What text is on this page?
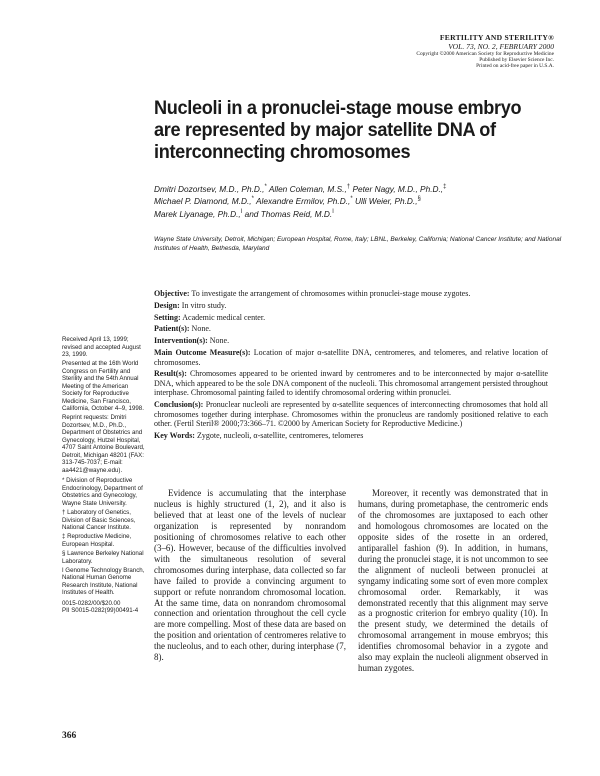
FERTILITY AND STERILITY®
VOL. 73, NO. 2, FEBRUARY 2000
Copyright ©2000 American Society for Reproductive Medicine
Published by Elsevier Science Inc.
Printed on acid-free paper in U.S.A.
Nucleoli in a pronuclei-stage mouse embryo are represented by major satellite DNA of interconnecting chromosomes
Dmitri Dozortsev, M.D., Ph.D.,* Allen Coleman, M.S.,† Peter Nagy, M.D., Ph.D.,‡
Michael P. Diamond, M.D.,* Alexandre Ermilov, Ph.D.,* Ulli Weier, Ph.D.,§
Marek Liyanage, Ph.D.,$^ǀ$ and Thomas Reid, M.D.$^ǀ$
Wayne State University, Detroit, Michigan; European Hospital, Rome, Italy; LBNL, Berkeley, California; National Cancer Institute; and National Institutes of Health, Bethesda, Maryland

Objective: To investigate the arrangement of chromosomes within pronuclei-stage mouse zygotes.

Design: In vitro study.

Setting: Academic medical center.

Patient(s): None.

Intervention(s): None.

Main Outcome Measure(s): Location of major α-satellite DNA, centromeres, and telomeres, and relative location of chromosomes.

Result(s): Chromosomes appeared to be oriented inward by centromeres and to be interconnected by major α-satellite DNA, which appeared to be the sole DNA component of the nucleoli. This chromosomal arrangement persisted throughout interphase. Chromosomal painting failed to identify chromosomal ordering within pronuclei.

Conclusion(s): Pronuclear nucleoli are represented by α-satellite sequences of interconnecting chromosomes that hold all chromosomes together during interphase. Chromosomes within the pronucleus are randomly positioned relative to each other. (Fertil Steril® 2000;73:366–71. ©2000 by American Society for Reproductive Medicine.)

Key Words: Zygote, nucleoli, α-satellite, centromeres, telomeres

Received April 13, 1999; revised and accepted August 23, 1999.

Presented at the 16th World Congress on Fertility and Sterility and the 54th Annual Meeting of the American Society for Reproductive Medicine, San Francisco, California, October 4–9, 1998.

Reprint requests: Dmitri Dozortsev, M.D., Ph.D., Department of Obstetrics and Gynecology, Hutzel Hospital, 4707 Saint Antoine Boulevard, Detroit, Michigan 48201 (FAX: 313-745-7037; E-mail: aa4421@wayne.edu).

* Division of Reproductive Endocrinology, Department of Obstetrics and Gynecology, Wayne State University.

† Laboratory of Genetics, Division of Basic Sciences, National Cancer Institute.

‡ Reproductive Medicine, European Hospital.

§ Lawrence Berkeley National Laboratory.

ǀ Genome Technology Branch, National Human Genome Research Institute, National Institutes of Health.

0015-0282/00/$20.00

PII S0015-0282(99)00491-4

Evidence is accumulating that the interphase nucleus is highly structured (1, 2), and it also is believed that at least one of the levels of nuclear organization is represented by nonrandom positioning of chromosomes relative to each other (3–6). However, because of the difficulties involved with the simultaneous resolution of several chromosomes during interphase, data collected so far have failed to provide a convincing argument to support or refute nonrandom chromosomal location. At the same time, data on nonrandom chromosomal connection and orientation throughout the cell cycle are more compelling. Most of these data are based on the position and orientation of centromeres relative to the nucleolus, and to each other, during interphase (7, 8).

Moreover, it recently was demonstrated that in humans, during prometaphase, the centromeric ends of the chromosomes are juxtaposed to each other and homologous chromosomes are located on the opposite sides of the rosette in an ordered, antiparallel fashion (9). In addition, in humans, during the pronuclei stage, it is not uncommon to see the alignment of nucleoli between pronuclei at syngamy indicating some sort of even more complex chromosomal order. Remarkably, it was demonstrated recently that this alignment may serve as a prognostic criterion for embryo quality (10). In the present study, we determined the details of chromosomal arrangement in mouse embryos; this identifies chromosomal behavior in a zygote and also may explain the nucleoli alignment observed in human zygotes.

366
